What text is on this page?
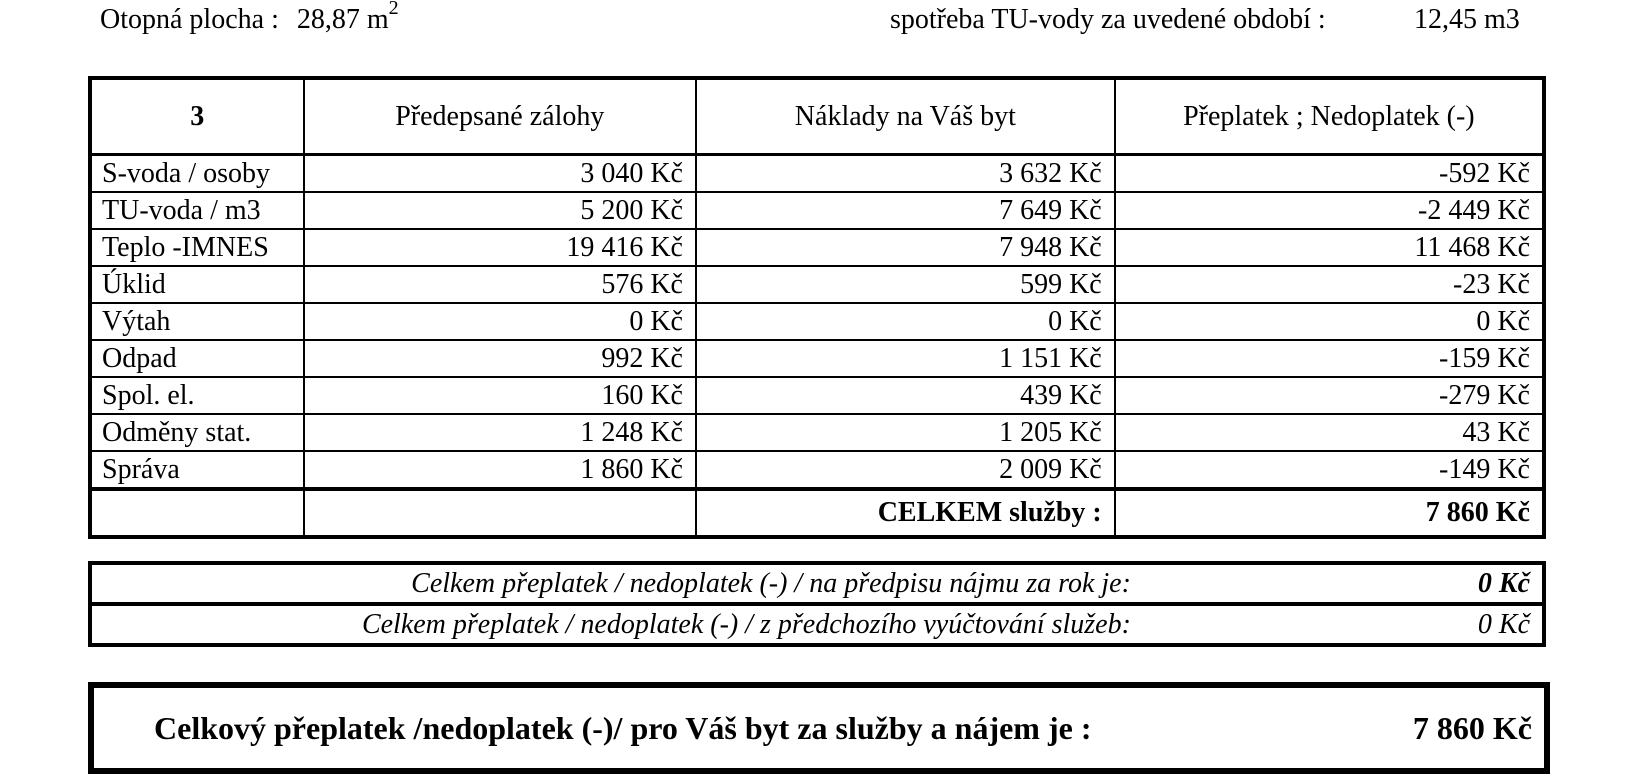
Otopná plocha : 28,87 $m^2$	spotřeba TU-vody za uvedené období :	12,45 m3
3	Předepsané zálohy	Náklady na Váš byt	Přeplatek ; Nedoplatek (-)
S-voda / osoby	3 040 Kč	3 632 Kč	-592 Kč
TU-voda / m3	5 200 Kč	7 649 Kč	-2 449 Kč
Teplo -IMNES	19 416 Kč	7 948 Kč	11 468 Kč
Úklid	576 Kč	599 Kč	-23 Kč
Výtah	0 Kč	0 Kč	0 Kč
Odpad	992 Kč	1 151 Kč	-159 Kč
Spol. el.	160 Kč	439 Kč	-279 Kč
Odměny stat.	1 248 Kč	1 205 Kč	43 Kč
Správa	1 860 Kč	2 009 Kč	-149 Kč
		CELKEM služby :	7 860 Kč
Celkem přeplatek / nedoplatek (-) / na předpisu nájmu za rok je:	0 Kč
Celkem přeplatek / nedoplatek (-) / z předchozího vyúčtování služeb:	0 Kč
Celkový přeplatek /nedoplatek (-)/ pro Váš byt za služby a nájem je :	7 860 Kč
